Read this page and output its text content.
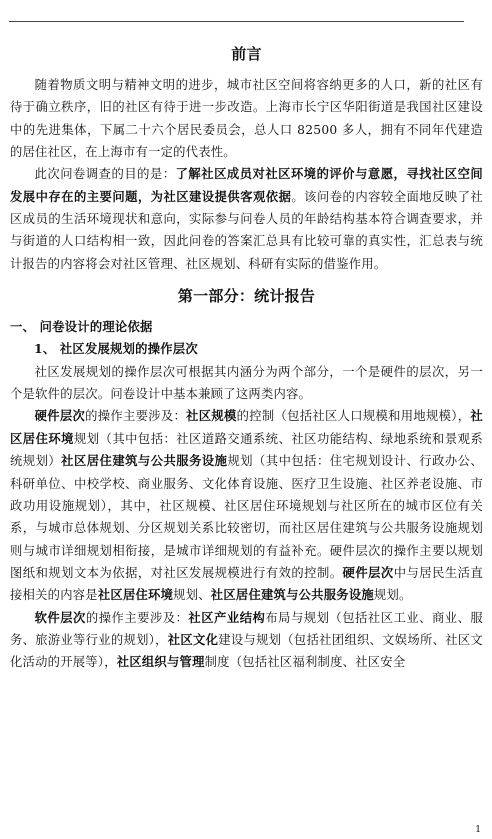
前言

随着物质文明与精神文明的进步，城市社区空间将容纳更多的人口，新的社区有待于确立秩序，旧的社区有待于进一步改造。上海市长宁区华阳街道是我国社区建设中的先进集体，下属二十六个居民委员会，总人口 82500 多人，拥有不同年代建造的居住社区，在上海市有一定的代表性。

此次问卷调查的目的是：了解社区成员对社区环境的评价与意愿，寻找社区空间发展中存在的主要问题，为社区建设提供客观依据。该问卷的内容较全面地反映了社区成员的生活环境现状和意向，实际参与问卷人员的年龄结构基本符合调查要求，并与街道的人口结构相一致，因此问卷的答案汇总具有比较可靠的真实性，汇总表与统计报告的内容将会对社区管理、社区规划、科研有实际的借鉴作用。

第一部分：统计报告
一、 问卷设计的理论依据
1、 社区发展规划的操作层次

社区发展规划的操作层次可根据其内涵分为两个部分，一个是硬件的层次，另一个是软件的层次。问卷设计中基本兼顾了这两类内容。

硬件层次的操作主要涉及：社区规模的控制（包括社区人口规模和用地规模），社区居住环境规划（其中包括：社区道路交通系统、社区功能结构、绿地系统和景观系统规划）社区居住建筑与公共服务设施规划（其中包括：住宅规划设计、行政办公、科研单位、中校学校、商业服务、文化体育设施、医疗卫生设施、社区养老设施、市政功用设施规划），其中，社区规模、社区居住环境规划与社区所在的城市区位有关系，与城市总体规划、分区规划关系比较密切，而社区居住建筑与公共服务设施规划则与城市详细规划相衔接，是城市详细规划的有益补充。硬件层次的操作主要以规划图纸和规划文本为依据，对社区发展规模进行有效的控制。硬件层次中与居民生活直接相关的内容是社区居住环境规划、社区居住建筑与公共服务设施规划。

软件层次的操作主要涉及：社区产业结构布局与规划（包括社区工业、商业、服务、旅游业等行业的规划），社区文化建设与规划（包括社团组织、文娱场所、社区文化活动的开展等），社区组织与管理制度（包括社区福利制度、社区安全

1
